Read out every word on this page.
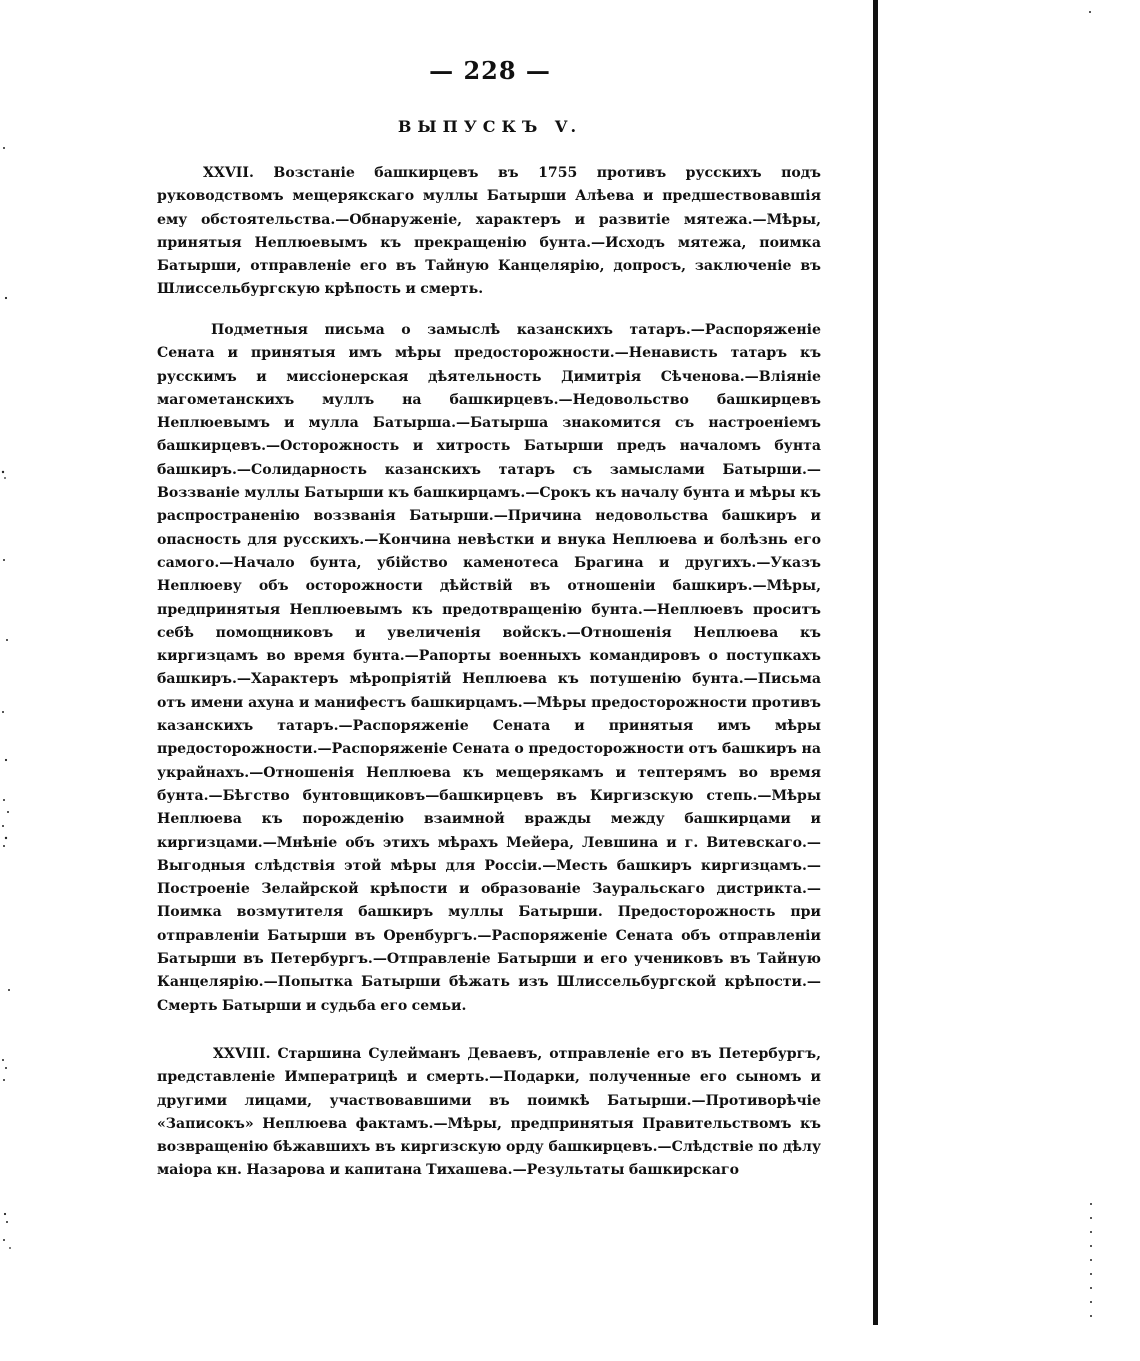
— 228 —
ВЫПУСКЪ V.

XXVII. Возстаніе башкирцевъ въ 1755 противъ русскихъ подъ руководствомъ мещерякскаго муллы Батырши Алѣева и предшествовавшія ему обстоятельства.—Обнаруженіе, характеръ и развитіе мятежа.—Мѣры, принятыя Неплюевымъ къ прекращенію бунта.—Исходъ мятежа, поимка Батырши, отправленіе его въ Тайную Канцелярію, допросъ, заключеніе въ Шлиссельбургскую крѣпость и смерть.

Подметныя письма о замыслѣ казанскихъ татаръ.—Распоряженіе Сената и принятыя имъ мѣры предосторожности.—Ненависть татаръ къ русскимъ и миссіонерская дѣятельность Димитрія Сѣченова.—Вліяніе магометанскихъ муллъ на башкирцевъ.—Недовольство башкирцевъ Неплюевымъ и мулла Батырша.—Батырша знакомится съ настроеніемъ башкирцевъ.—Осторожность и хитрость Батырши предъ началомъ бунта башкиръ.—Солидарность казанскихъ татаръ съ замыслами Батырши.—Воззваніе муллы Батырши къ башкирцамъ.—Срокъ къ началу бунта и мѣры къ распространенію воззванія Батырши.—Причина недовольства башкиръ и опасность для русскихъ.—Кончина невѣстки и внука Неплюева и болѣзнь его самого.—Начало бунта, убійство каменотеса Брагина и другихъ.—Указъ Неплюеву объ осторожности дѣйствій въ отношеніи башкиръ.—Мѣры, предпринятыя Неплюевымъ къ предотвращенію бунта.—Неплюевъ проситъ себѣ помощниковъ и увеличенія войскъ.—Отношенія Неплюева къ киргизцамъ во время бунта.—Рапорты военныхъ командировъ о поступкахъ башкиръ.—Характеръ мѣропріятій Неплюева къ потушенію бунта.—Письма отъ имени ахуна и манифестъ башкирцамъ.—Мѣры предосторожности противъ казанскихъ татаръ.—Распоряженіе Сената и принятыя имъ мѣры предосторожности.—Распоряженіе Сената о предосторожности отъ башкиръ на украйнахъ.—Отношенія Неплюева къ мещерякамъ и тептерямъ во время бунта.—Бѣгство бунтовщиковъ—башкирцевъ въ Киргизскую степь.—Мѣры Неплюева къ порожденію взаимной вражды между башкирцами и киргизцами.—Мнѣніе объ этихъ мѣрахъ Мейера, Левшина и г. Витевскаго.—Выгодныя слѣдствія этой мѣры для Россіи.—Месть башкиръ киргизцамъ.—Построеніе Зелайрской крѣпости и образованіе Зауральскаго дистрикта.—Поимка возмутителя башкиръ муллы Батырши. Предосторожность при отправленіи Батырши въ Оренбургъ.—Распоряженіе Сената объ отправленіи Батырши въ Петербургъ.—Отправленіе Батырши и его учениковъ въ Тайную Канцелярію.—Попытка Батырши бѣжать изъ Шлиссельбургской крѣпости.—Смерть Батырши и судьба его семьи.

XXVIII. Старшина Сулейманъ Деваевъ, отправленіе его въ Петербургъ, представленіе Императрицѣ и смерть.—Подарки, полученные его сыномъ и другими лицами, участвовавшими въ поимкѣ Батырши.—Противорѣчіе «Записокъ» Неплюева фактамъ.—Мѣры, предпринятыя Правительствомъ къ возвращенію бѣжавшихъ въ киргизскую орду башкирцевъ.—Слѣдствіе по дѣлу маіора кн. Назарова и капитана Тихашева.—Результаты башкирскаго
